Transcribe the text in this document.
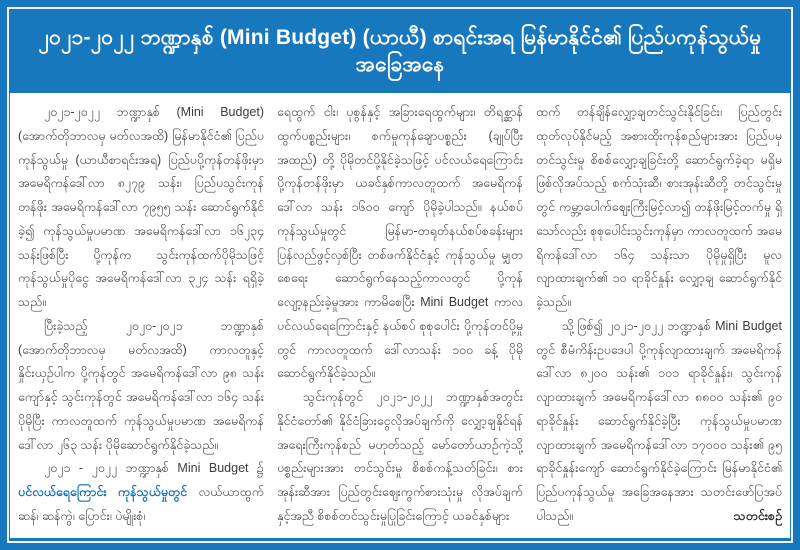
၂၀၂၁-၂၀၂၂ ဘဏ္ဍာနှစ် (Mini Budget) (ယာယီ) စာရင်းအရ မြန်မာနိုင်ငံ၏ ပြည်ပကုန်သွယ်မှု အခြေအနေ

၂၀၂၁-၂၀၂၂ ဘဏ္ဍာနှစ် (Mini Budget) (အောက်တိုဘာလမှ မတ်လအထိ) မြန်မာနိုင်ငံ၏ ပြည်ပကုန်သွယ်မှု (ယာယီစာရင်းအရ) ပြည်ပပို့ကုန်တန်ဖိုးမှာ အမေရိကန်ဒေါ်လာ ၈၂၇၉ သန်း၊ ပြည်ပသွင်းကုန်တန်ဖိုး အမေရိကန်ဒေါ်လာ ၇၉၅၅ သန်း ဆောင်ရွက်နိုင်ခဲ့၍ ကုန်သွယ်မှုပမာဏ အမေရိကန်ဒေါ်လာ ၁၆၂၃၄ သန်းဖြစ်ပြီး ပို့ကုန်က သွင်းကုန်ထက်ပိုမိုသဖြင့် ကုန်သွယ်မှုပိုငွေ အမေရိကန်ဒေါ်လာ ၃၂၄ သန်း ရရှိခဲ့သည်။

ပြီးခဲ့သည့် ၂၀၂၀-၂၀၂၁ ဘဏ္ဍာနှစ် (အောက်တိုဘာလမှ မတ်လအထိ) ကာလတူနှင့် နှိုင်းယှဉ်ပါက ပို့ကုန်တွင် အမေရိကန်ဒေါ်လာ ၉၈ သန်းကျော်နှင့် သွင်းကုန်တွင် အမေရိကန်ဒေါ်လာ ၁၆၄ သန်း ပိုမိုပြီး ကာလတူထက် ကုန်သွယ်မှုပမာဏ အမေရိကန်ဒေါ်လာ ၂၆၃ သန်း ပိုမိုဆောင်ရွက်နိုင်ခဲ့သည်။

၂၀၂၁ - ၂၀၂၂ ဘဏ္ဍာနှစ် Mini Budget ၌ ပင်လယ်ရေကြောင်း ကုန်သွယ်မှုတွင် လယ်ယာထွက် ဆန်၊ ဆန်ကွဲ၊ ပြောင်း၊ ပဲမျိုးစုံ၊

ရေထွက် ငါး၊ ပုစွန်နှင့် အခြားရေထွက်များ၊ တိရစ္ဆာန်ထွက်ပစ္စည်းများ၊ စက်မှုကုန်ချောပစ္စည်း (ချုပ်ပြီးအထည်) တို့ ပိုမိုတင်ပို့နိုင်ခဲ့သဖြင့် ပင်လယ်ရေကြောင်း ပို့ကုန်တန်ဖိုးမှာ ယခင်နှစ်ကာလတူထက် အမေရိကန်ဒေါ်လာ သန်း ၁၆၀၀ ကျော် ပိုမိုခဲ့ပါသည်။ နယ်စပ်ကုန်သွယ်မှုတွင် မြန်မာ-တရုတ်နယ်စပ်စခန်းများ ပြန်လည်ဖွင့်လှစ်ပြီး တစ်ဖက်နိုင်ငံနှင့် ကုန်သွယ်မှု မျှတစေရေး ဆောင်ရွက်နေသည့်ကာလတွင် ပို့ကုန်လျော့နည်းခဲ့မှုအား ကာမိစေပြီး Mini Budget ကာလ ပင်လယ်ရေကြောင်းနှင့် နယ်စပ် စုစုပေါင်း ပို့ကုန်တင်ပို့မှုတွင် ကာလတူထက် ဒေါ်လာသန်း ၁၀၀ ခန့် ပိုမိုဆောင်ရွက်နိုင်ခဲ့သည်။

သွင်းကုန်တွင် ၂၀၂၁-၂၀၂၂ ဘဏ္ဍာနှစ်အတွင်း နိုင်ငံတော်၏ နိုင်ငံခြားငွေလိုအပ်ချက်ကို လျှော့ချနိုင်ရန် အရေးကြီးကုန်စည် မဟုတ်သည့် မော်တော်ယာဉ်ကဲ့သို့ ပစ္စည်းများအား တင်သွင်းမှု စိစစ်ကန့်သတ်ခြင်း၊ စားအုန်းဆီအား ပြည်တွင်းဈေးကွက်စားသုံးမှု လိုအပ်ချက်နှင့်အညီ စိစစ်တင်သွင်းမှုပြုခြင်းကြောင့် ယခင်နှစ်များ

ထက် တန်ချိန်လျှော့ချတင်သွင်းနိုင်ခြင်း၊ ပြည်တွင်းထုတ်လုပ်နိုင်မည့် အစားထိုးကုန်စည်များအား ပြည်ပမှတင်သွင်းမှု စိစစ်လျှော့ချခြင်းတို့ ဆောင်ရွက်ခဲ့ရာ မရှိမဖြစ်လိုအပ်သည့် စက်သုံးဆီ၊ စားအုန်းဆီတို့ တင်သွင်းမှုတွင် ကမ္ဘာ့ပေါက်ဈေးကြီးမြင့်လာ၍ တန်ဖိုးမြင့်တက်မှု ရှိသော်လည်း စုစုပေါင်းသွင်းကုန်မှာ ကာလတူထက် အမေရိကန်ဒေါ်လာ ၁၆၄ သန်းသာ ပိုမိုမှုရှိပြီး မူလလျာထားချက်၏ ၁၀ ရာခိုင်နှုန်း လျှော့ချ ဆောင်ရွက်နိုင်ခဲ့သည်။

သို့ဖြစ်၍ ၂၀၂၁-၂၀၂၂ ဘဏ္ဍာနှစ် Mini Budget တွင် စီမံကိန်းဥပဒေပါ ပို့ကုန်လျာထားချက် အမေရိကန်ဒေါ်လာ ၈၂၀၀ သန်း၏ ၁၀၁ ရာခိုင်နှုန်း၊ သွင်းကုန်လျာထားချက် အမေရိကန်ဒေါ်လာ ၈၈၀၀ သန်း၏ ၉၀ ရာခိုင်နှုန်း ဆောင်ရွက်နိုင်ခဲ့ပြီး ကုန်သွယ်မှုပမာဏ လျာထားချက် အမေရိကန်ဒေါ်လာ ၁၇၀၀၀ သန်း၏ ၉၅ ရာခိုင်နှုန်းကျော် ဆောင်ရွက်နိုင်ခဲ့ကြောင်း မြန်မာနိုင်ငံ၏ ပြည်ပကုန်သွယ်မှု အခြေအနေအား သတင်းဖော်ပြအပ်ပါသည်။	သတင်းစဉ်
